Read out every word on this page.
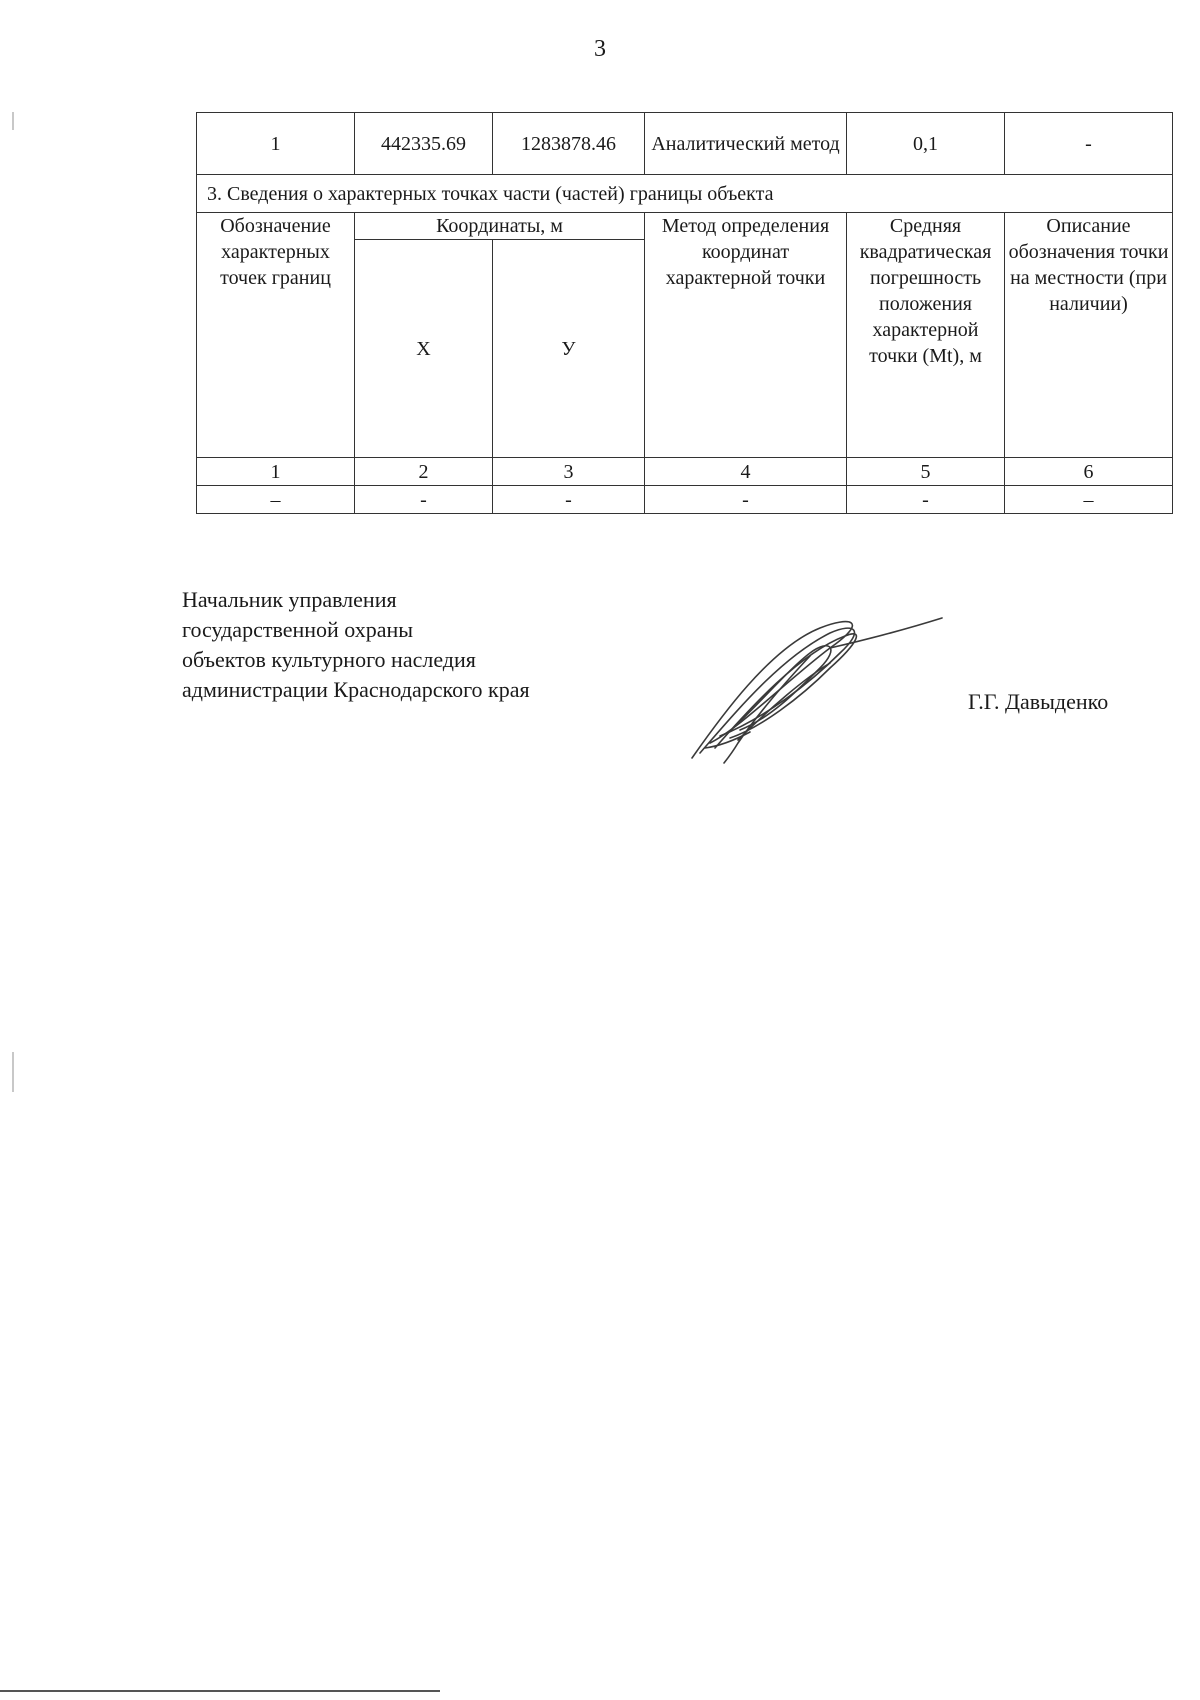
3
1	442335.69	1283878.46	Аналитический метод	0,1	-
3. Сведения о характерных точках части (частей) границы объекта					
Обозначение характерных точек границ	Координаты, м		Метод определения координат характерной точки	Средняя квадратическая погрешность положения характерной точки (Mt), м	Описание обозначения точки на местности (при наличии)
	Х	У			
1	2	3	4	5	6
–	-	-	-	-	–
Начальник управления
государственной охраны
объектов культурного наследия
администрации Краснодарского края	Г.Г. Давыденко
